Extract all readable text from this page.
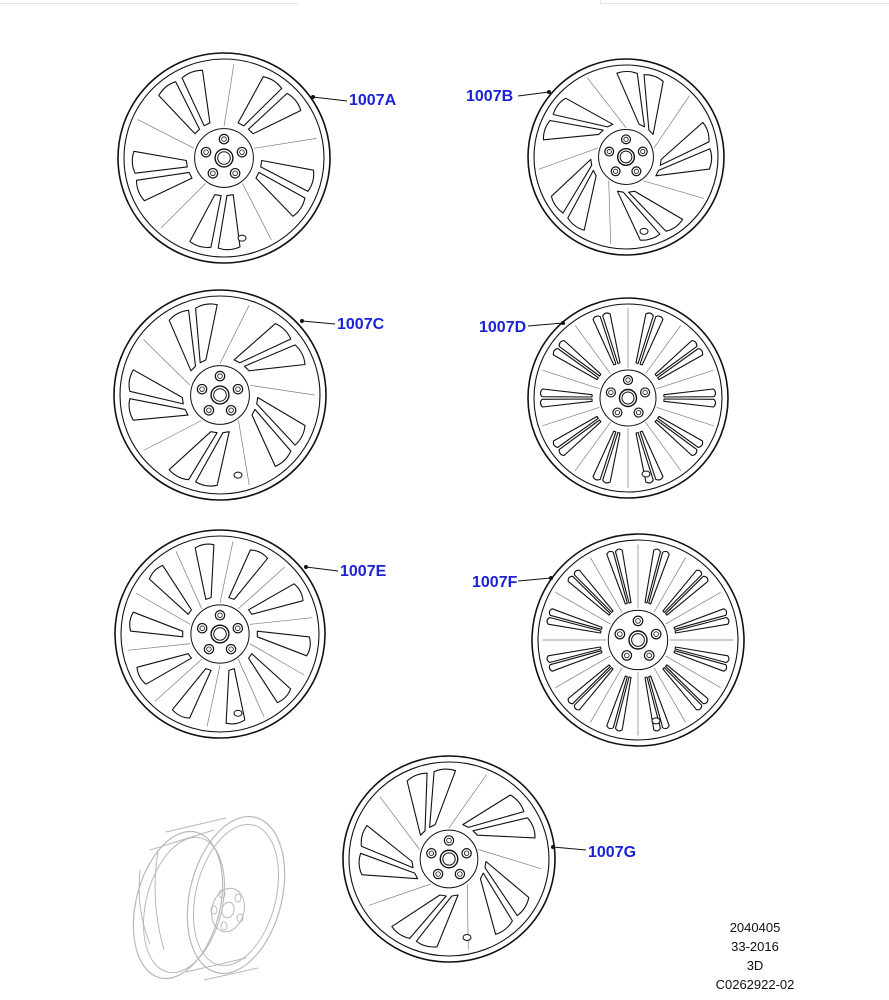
1007A	1007B
1007C	1007D
1007E
1007F
1007G
2040405
33-2016
3D
C0262922-02
